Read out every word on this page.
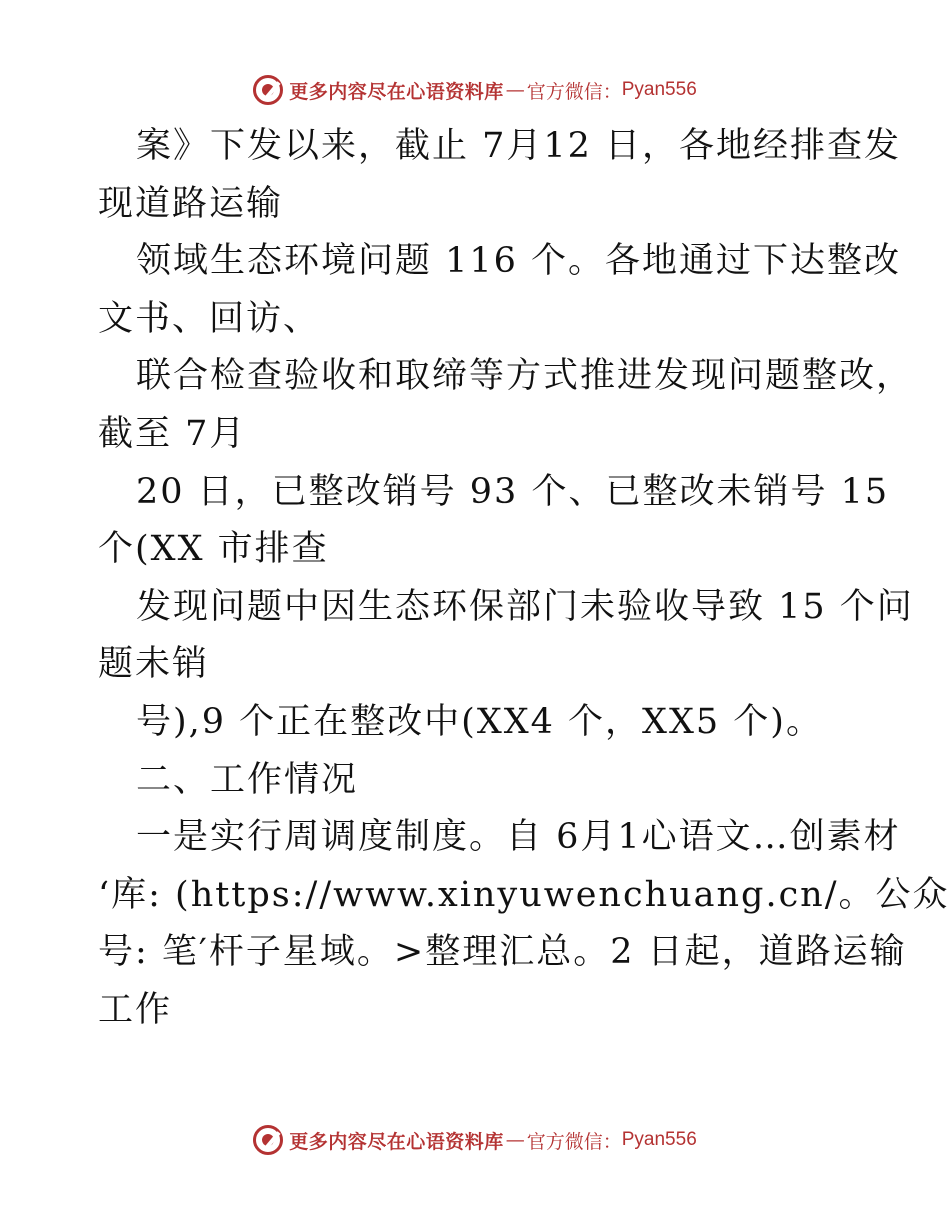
更多内容尽在心语资料库 — 官方微信： Pyan556
案》下发以来，截止 7月12 日，各地经排查发
现道路运输
领域生态环境问题 116 个。各地通过下达整改
文书、回访、
联合检查验收和取缔等方式推进发现问题整改，
截至 7月
20 日，已整改销号 93 个、已整改未销号 15
个(XX 市排查
发现问题中因生态环保部门未验收导致 15 个问
题未销
号),9 个正在整改中(XX4 个，XX5 个)。
二、工作情况
一是实行周调度制度。自 6月1心语文…创素材
‘库: (https://www.xinyuwenchuang.cn/。公众
号: 笔′杆子星域。>整理汇总。2 日起，道路运输
工作
更多内容尽在心语资料库 — 官方微信： Pyan556
